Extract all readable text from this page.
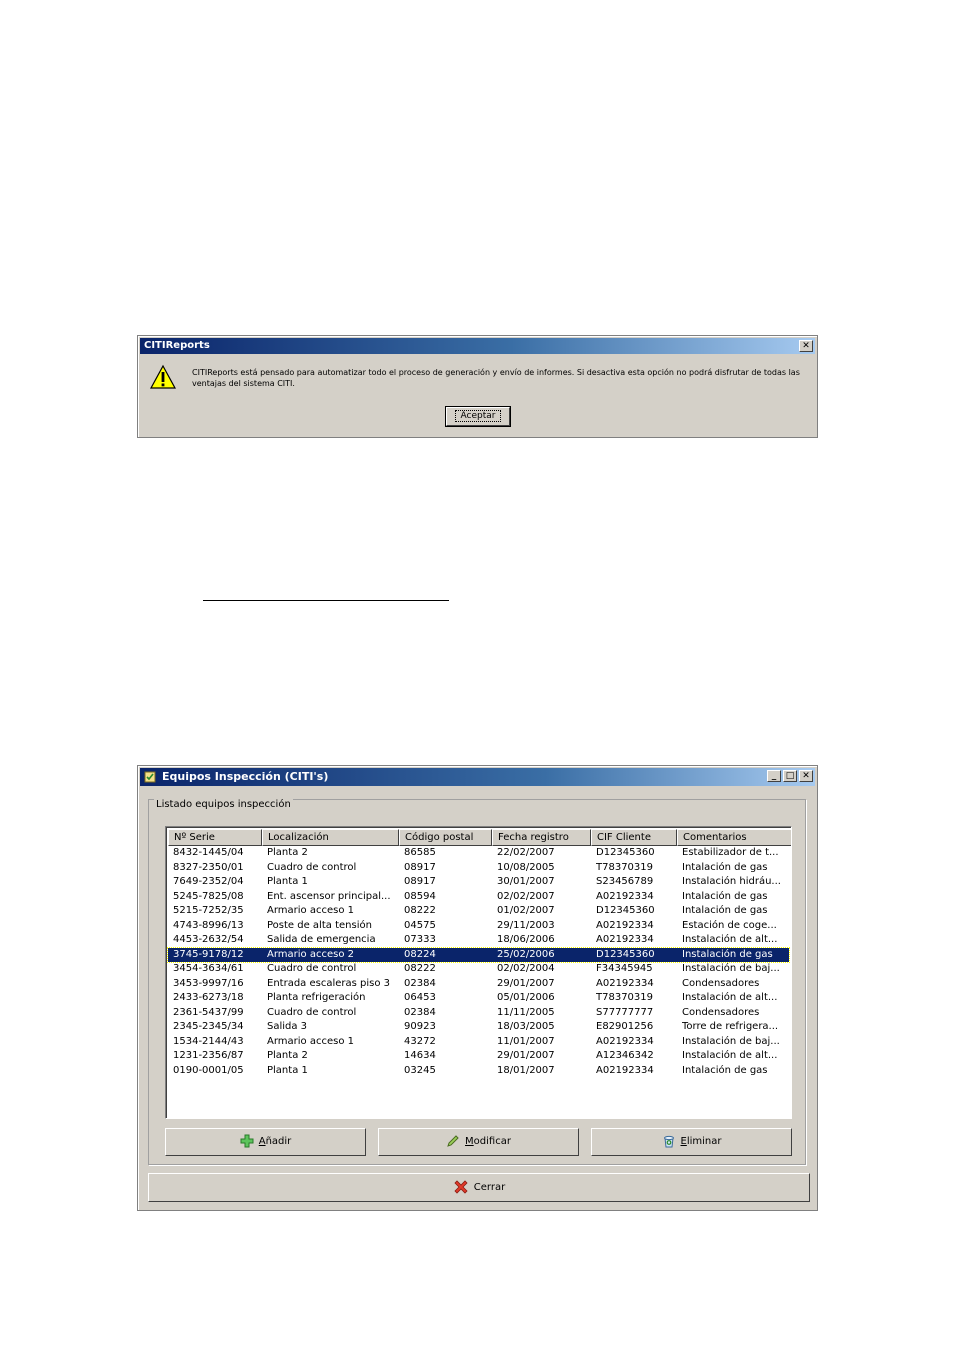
CITIReports	✕
CITIReports está pensado para automatizar todo el proceso de generación y envío de informes. Si desactiva esta opción no podrá disfrutar de todas las ventajas del sistema CITI.
Aceptar
Equipos Inspección (CITI's)	_	□ ✕
Listado equipos inspección
Nº Serie	Localización	Código postal	Fecha registro	CIF Cliente	Comentarios
8432-1445/04	Planta 2	86585	22/02/2007	D12345360	Estabilizador de t...
8327-2350/01	Cuadro de control	08917	10/08/2005	T78370319	Intalación de gas
7649-2352/04	Planta 1	08917	30/01/2007	S23456789	Instalación hidráu...
5245-7825/08	Ent. ascensor principal...	08594	02/02/2007	A02192334	Intalación de gas
5215-7252/35	Armario acceso 1	08222	01/02/2007	D12345360	Intalación de gas
4743-8996/13	Poste de alta tensión	04575	29/11/2003	A02192334	Estación de coge...
4453-2632/54	Salida de emergencia	07333	18/06/2006	A02192334	Instalación de alt...
3745-9178/12	Armario acceso 2	08224	25/02/2006	D12345360	Instalación de gas
3454-3634/61	Cuadro de control	08222	02/02/2004	F34345945	Instalación de baj...
3453-9997/16	Entrada escaleras piso 3	02384	29/01/2007	A02192334	Condensadores
2433-6273/18	Planta refrigeración	06453	05/01/2006	T78370319	Instalación de alt...
2361-5437/99	Cuadro de control	02384	11/11/2005	S77777777	Condensadores
2345-2345/34	Salida 3	90923	18/03/2005	E82901256	Torre de refrigera...
1534-2144/43	Armario acceso 1	43272	11/01/2007	A02192334	Instalación de baj...
1231-2356/87	Planta 2	14634	29/01/2007	A12346342	Instalación de alt...
0190-0001/05	Planta 1	03245	18/01/2007	A02192334	Intalación de gas
Añadir	Modificar	Eliminar
Cerrar
